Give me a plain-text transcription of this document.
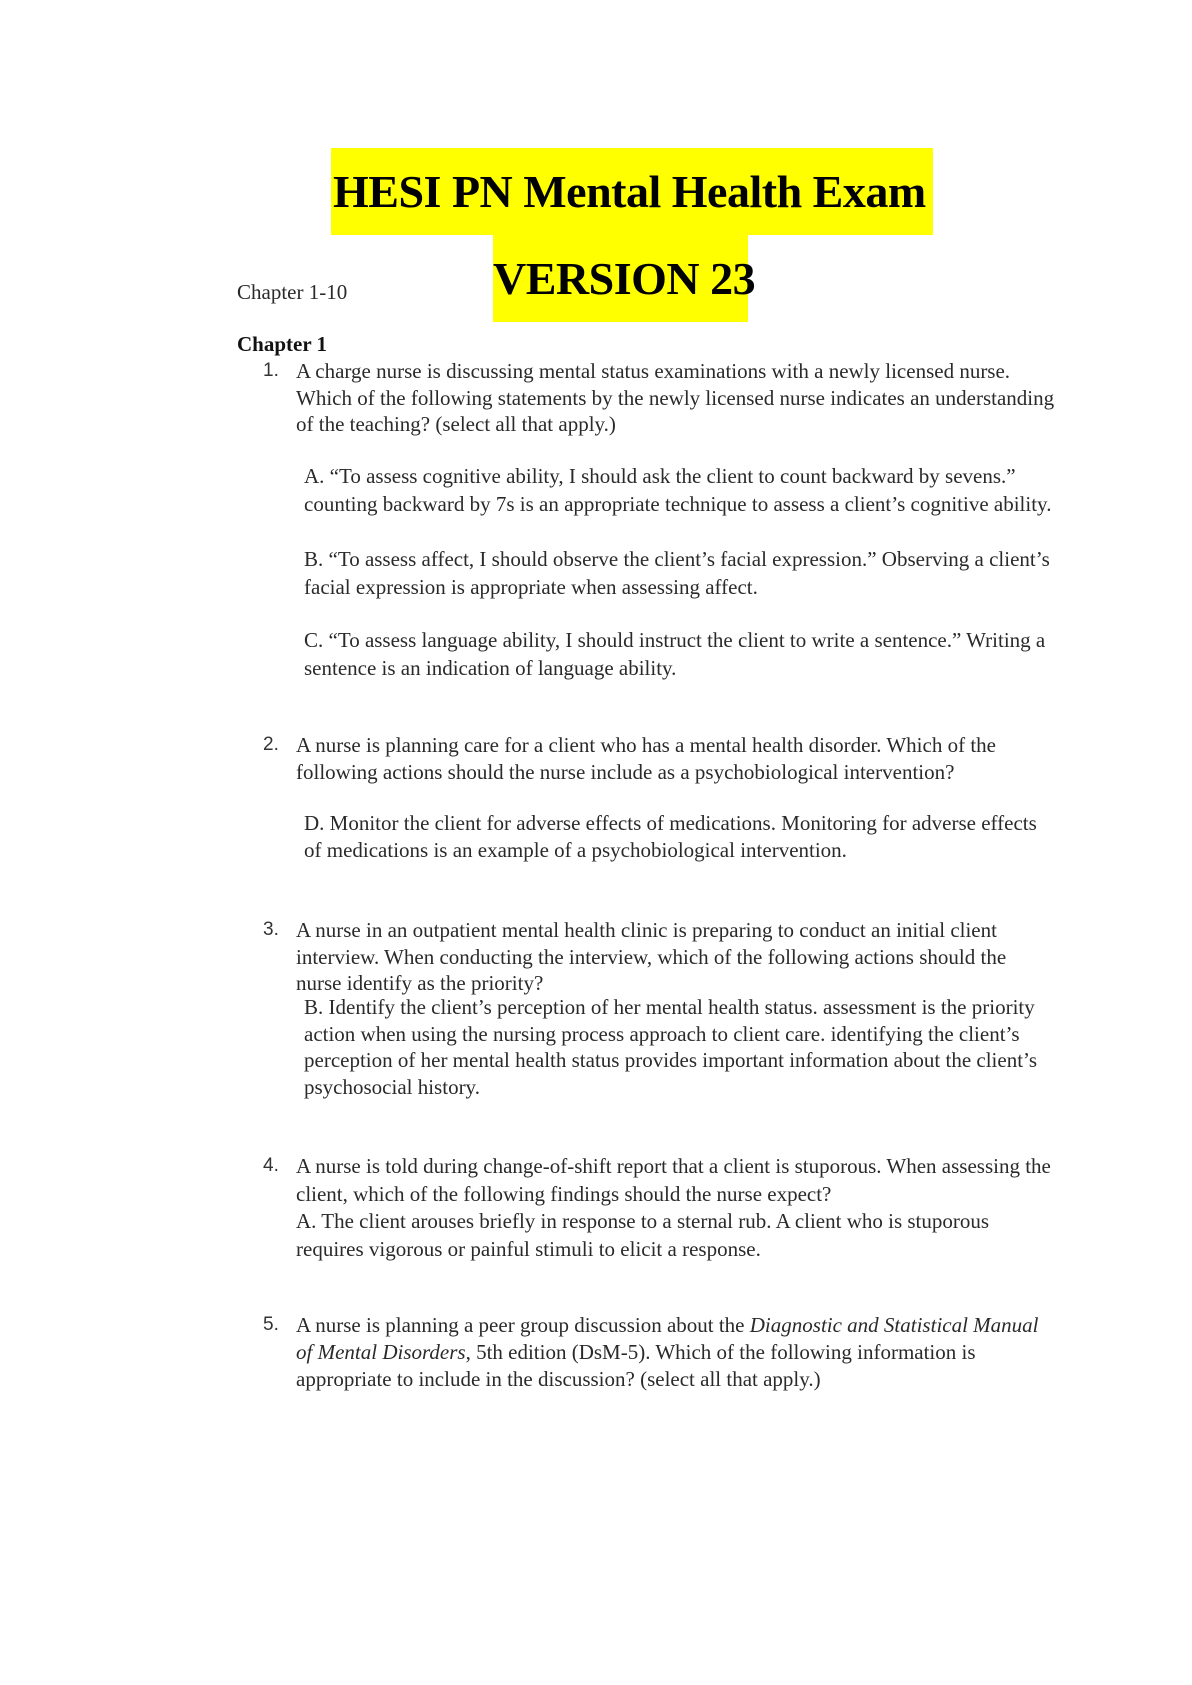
HESI PN Mental Health Exam
VERSION 23
Chapter 1-10
Chapter 1
1. A charge nurse is discussing mental status examinations with a newly licensed nurse.
Which of the following statements by the newly licensed nurse indicates an understanding
of the teaching? (select all that apply.)
A. “To assess cognitive ability, I should ask the client to count backward by sevens.”
counting backward by 7s is an appropriate technique to assess a client’s cognitive ability.
B. “To assess affect, I should observe the client’s facial expression.” Observing a client’s
facial expression is appropriate when assessing affect.
C. “To assess language ability, I should instruct the client to write a sentence.” Writing a
sentence is an indication of language ability.
2. A nurse is planning care for a client who has a mental health disorder. Which of the
following actions should the nurse include as a psychobiological intervention?
D. Monitor the client for adverse effects of medications. Monitoring for adverse effects
of medications is an example of a psychobiological intervention.
3. A nurse in an outpatient mental health clinic is preparing to conduct an initial client
interview. When conducting the interview, which of the following actions should the
nurse identify as the priority?
B. Identify the client’s perception of her mental health status. assessment is the priority
action when using the nursing process approach to client care. identifying the client’s
perception of her mental health status provides important information about the client’s
psychosocial history.
4. A nurse is told during change-of-shift report that a client is stuporous. When assessing the
client, which of the following findings should the nurse expect?
A. The client arouses briefly in response to a sternal rub. A client who is stuporous
requires vigorous or painful stimuli to elicit a response.
5. A nurse is planning a peer group discussion about the Diagnostic and Statistical Manual
of Mental Disorders, 5th edition (DsM-5). Which of the following information is
appropriate to include in the discussion? (select all that apply.)
